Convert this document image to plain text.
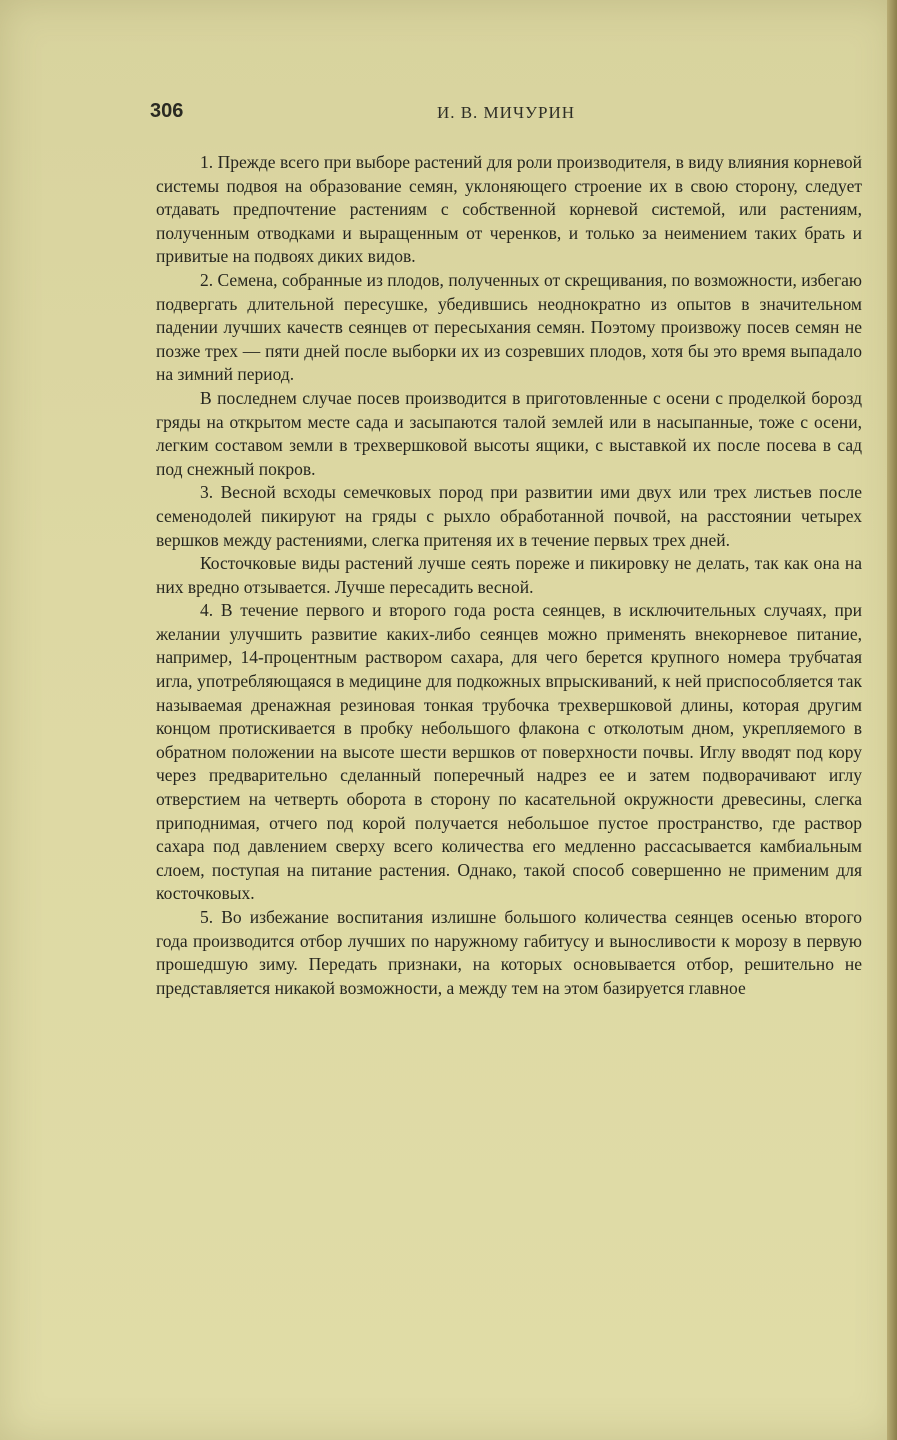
306	И. В. МИЧУРИН

1. Прежде всего при выборе растений для роли производителя, в виду влияния корневой системы подвоя на образование семян, уклоняющего строение их в свою сторону, следует отдавать предпочтение растениям с собственной корневой системой, или растениям, полученным отводками и выращенным от черенков, и только за неимением таких брать и привитые на подвоях диких видов.

2. Семена, собранные из плодов, полученных от скрещивания, по возможности, избегаю подвергать длительной пересушке, убедившись неоднократно из опытов в значительном падении лучших качеств сеянцев от пересыхания семян. Поэтому произвожу посев семян не позже трех — пяти дней после выборки их из созревших плодов, хотя бы это время выпадало на зимний период.

В последнем случае посев производится в приготовленные с осени с проделкой борозд гряды на открытом месте сада и засыпаются талой землей или в насыпанные, тоже с осени, легким составом земли в трехвершковой высоты ящики, с выставкой их после посева в сад под снежный покров.

3. Весной всходы семечковых пород при развитии ими двух или трех листьев после семенодолей пикируют на гряды с рыхло обработанной почвой, на расстоянии четырех вершков между растениями, слегка притеняя их в течение первых трех дней.

Косточковые виды растений лучше сеять пореже и пикировку не делать, так как она на них вредно отзывается. Лучше пересадить весной.

4. В течение первого и второго года роста сеянцев, в исключительных случаях, при желании улучшить развитие каких-либо сеянцев можно применять внекорневое питание, например, 14-процентным раствором сахара, для чего берется крупного номера трубчатая игла, употребляющаяся в медицине для подкожных впрыскиваний, к ней приспособляется так называемая дренажная резиновая тонкая трубочка трехвершковой длины, которая другим концом протискивается в пробку небольшого флакона с отколотым дном, укрепляемого в обратном положении на высоте шести вершков от поверхности почвы. Иглу вводят под кору через предварительно сделанный поперечный надрез ее и затем подворачивают иглу отверстием на четверть оборота в сторону по касательной окружности древесины, слегка приподнимая, отчего под корой получается небольшое пустое пространство, где раствор сахара под давлением сверху всего количества его медленно рассасывается камбиальным слоем, поступая на питание растения. Однако, такой способ совершенно не применим для косточковых.

5. Во избежание воспитания излишне большого количества сеянцев осенью второго года производится отбор лучших по наружному габитусу и выносливости к морозу в первую прошедшую зиму. Передать признаки, на которых основывается отбор, решительно не представляется никакой возможности, а между тем на этом базируется главное
